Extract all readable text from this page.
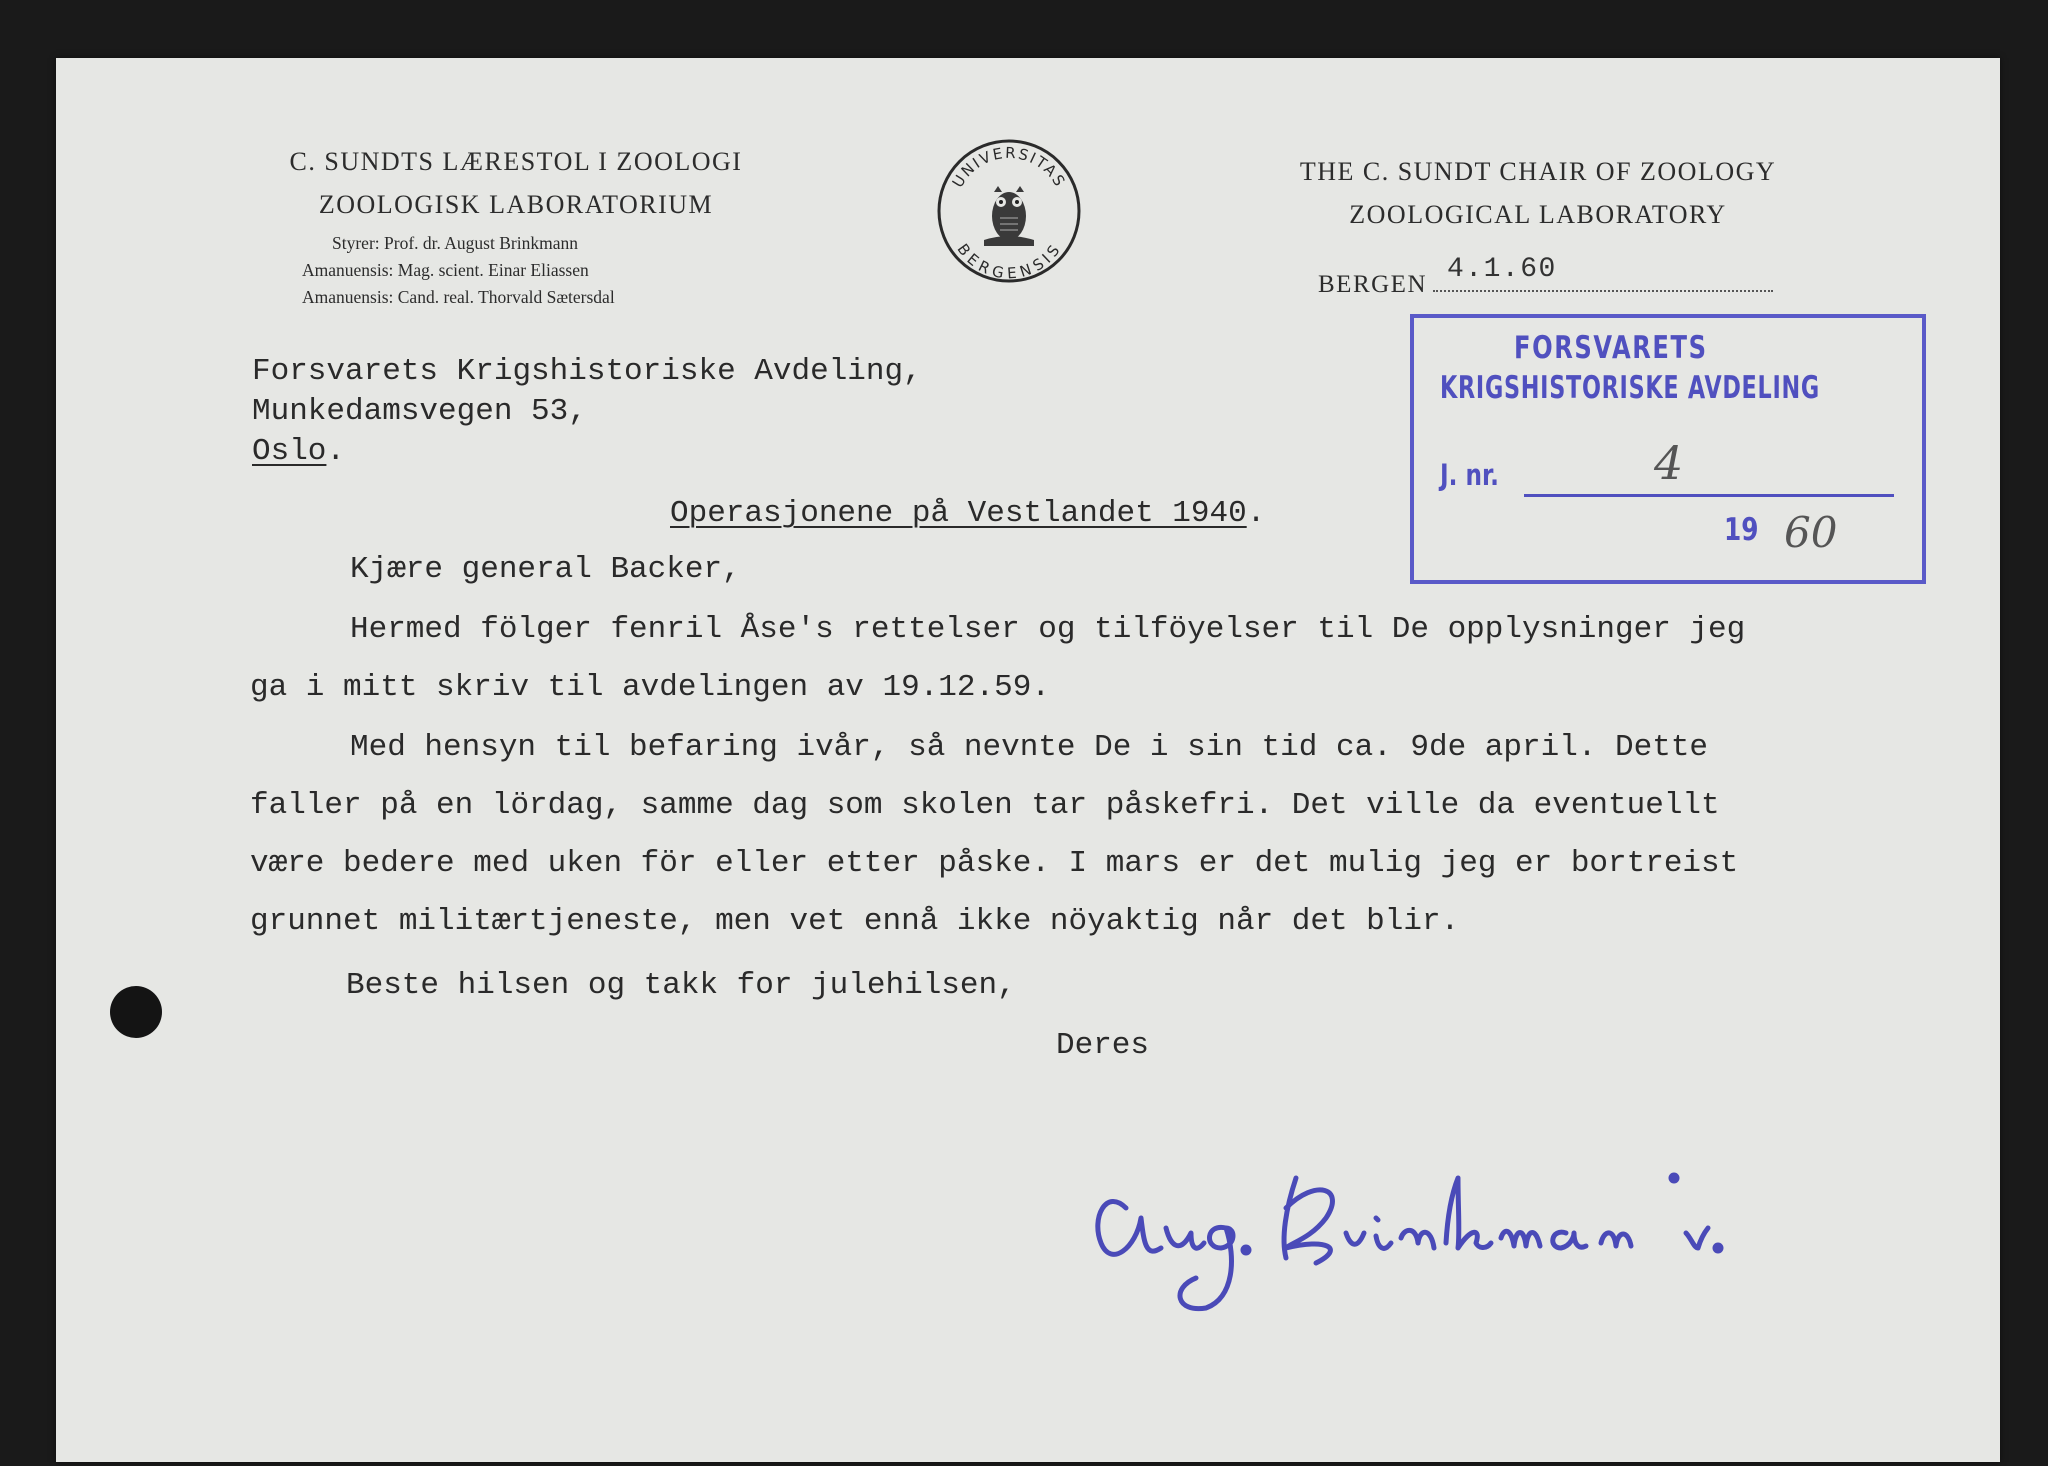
C. SUNDTS LÆRESTOL I ZOOLOGI
ZOOLOGISK LABORATORIUM
Styrer: Prof. dr. August Brinkmann
Amanuensis: Mag. scient. Einar Eliassen
Amanuensis: Cand. real. Thorvald Sætersdal
UNIVERSITAS
BERGENSIS
THE C. SUNDT CHAIR OF ZOOLOGY
ZOOLOGICAL LABORATORY
BERGEN 4.1.60
FORSVARETS
KRIGSHISTORISKE AVDELING
J. nr.	4
19 60
Forsvarets Krigshistoriske Avdeling,
Munkedamsvegen 53,
Oslo.
Operasjonene på Vestlandet 1940.
Kjære general Backer,
Hermed fölger fenril Åse's rettelser og tilföyelser til De opplysninger jeg
ga i mitt skriv til avdelingen av 19.12.59.
Med hensyn til befaring ivår, så nevnte De i sin tid ca. 9de april. Dette
faller på en lördag, samme dag som skolen tar påskefri. Det ville da eventuellt
være bedere med uken för eller etter påske. I mars er det mulig jeg er bortreist
grunnet militærtjeneste, men vet ennå ikke nöyaktig når det blir.
Beste hilsen og takk for julehilsen,
Deres
